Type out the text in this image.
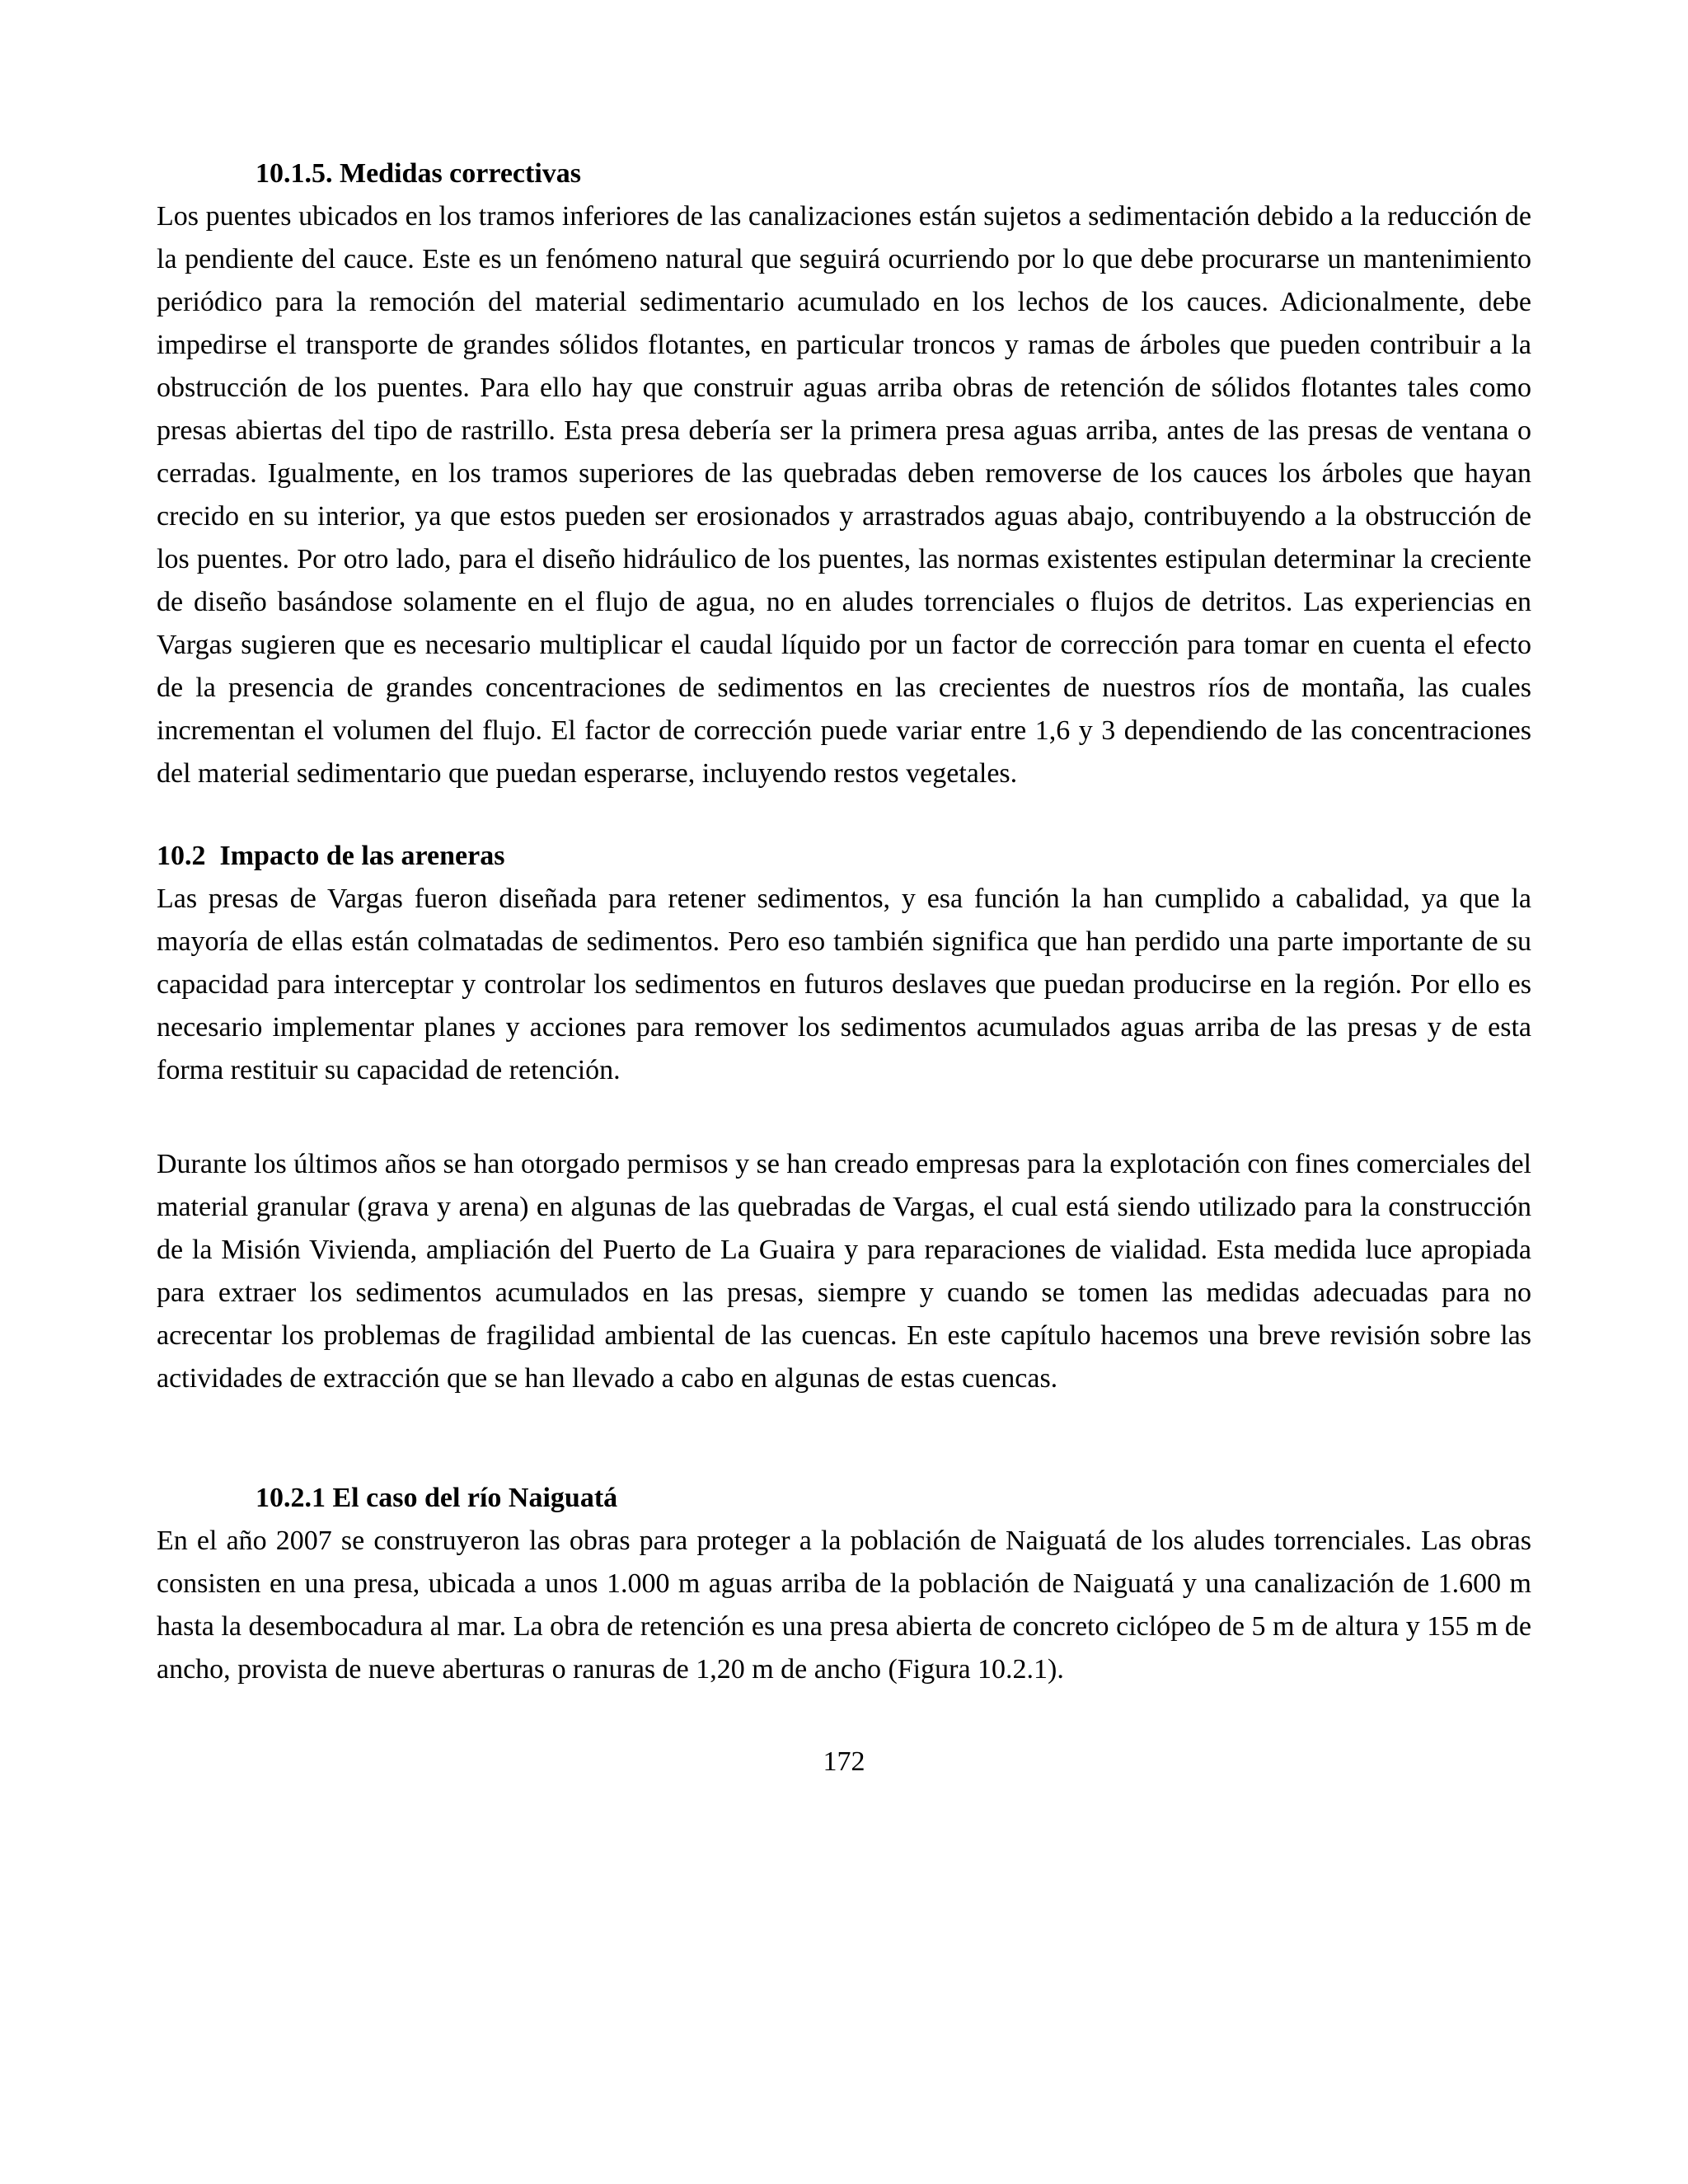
10.1.5. Medidas correctivas

Los puentes ubicados en los tramos inferiores de las canalizaciones están sujetos a sedimentación debido a la reducción de la pendiente del cauce. Este es un fenómeno natural que seguirá ocurriendo por lo que debe procurarse un mantenimiento periódico para la remoción del material sedimentario acumulado en los lechos de los cauces. Adicionalmente, debe impedirse el transporte de grandes sólidos flotantes, en particular troncos y ramas de árboles que pueden contribuir a la obstrucción de los puentes. Para ello hay que construir aguas arriba obras de retención de sólidos flotantes tales como presas abiertas del tipo de rastrillo. Esta presa debería ser la primera presa aguas arriba, antes de las presas de ventana o cerradas. Igualmente, en los tramos superiores de las quebradas deben removerse de los cauces los árboles que hayan crecido en su interior, ya que estos pueden ser erosionados y arrastrados aguas abajo, contribuyendo a la obstrucción de los puentes. Por otro lado, para el diseño hidráulico de los puentes, las normas existentes estipulan determinar la creciente de diseño basándose solamente en el flujo de agua, no en aludes torrenciales o flujos de detritos. Las experiencias en Vargas sugieren que es necesario multiplicar el caudal líquido por un factor de corrección para tomar en cuenta el efecto de la presencia de grandes concentraciones de sedimentos en las crecientes de nuestros ríos de montaña, las cuales incrementan el volumen del flujo. El factor de corrección puede variar entre 1,6 y 3 dependiendo de las concentraciones del material sedimentario que puedan esperarse, incluyendo restos vegetales.

10.2  Impacto de las areneras

Las presas de Vargas fueron diseñada para retener sedimentos, y esa función la han cumplido a cabalidad, ya que la mayoría de ellas están colmatadas de sedimentos. Pero eso también significa que han perdido una parte importante de su capacidad para interceptar y controlar los sedimentos en futuros deslaves que puedan producirse en la región. Por ello es necesario implementar planes y acciones para remover los sedimentos acumulados aguas arriba de las presas y de esta forma restituir su capacidad de retención.

Durante los últimos años se han otorgado permisos y se han creado empresas para la explotación con fines comerciales del material granular (grava y arena) en algunas de las quebradas de Vargas, el cual está siendo utilizado para la construcción de la Misión Vivienda, ampliación del Puerto de La Guaira y para reparaciones de vialidad. Esta medida luce apropiada para extraer los sedimentos acumulados en las presas, siempre y cuando se tomen las medidas adecuadas para no acrecentar los problemas de fragilidad ambiental de las cuencas. En este capítulo hacemos una breve revisión sobre las actividades de extracción que se han llevado a cabo en algunas de estas cuencas.

10.2.1 El caso del río Naiguatá

En el año 2007 se construyeron las obras para proteger a la población de Naiguatá de los aludes torrenciales. Las obras consisten en una presa, ubicada a unos 1.000 m aguas arriba de la población de Naiguatá y una canalización de 1.600 m hasta la desembocadura al mar. La obra de retención es una presa abierta de concreto ciclópeo de 5 m de altura y 155 m de ancho, provista de nueve aberturas o ranuras de 1,20 m de ancho (Figura 10.2.1).

172
